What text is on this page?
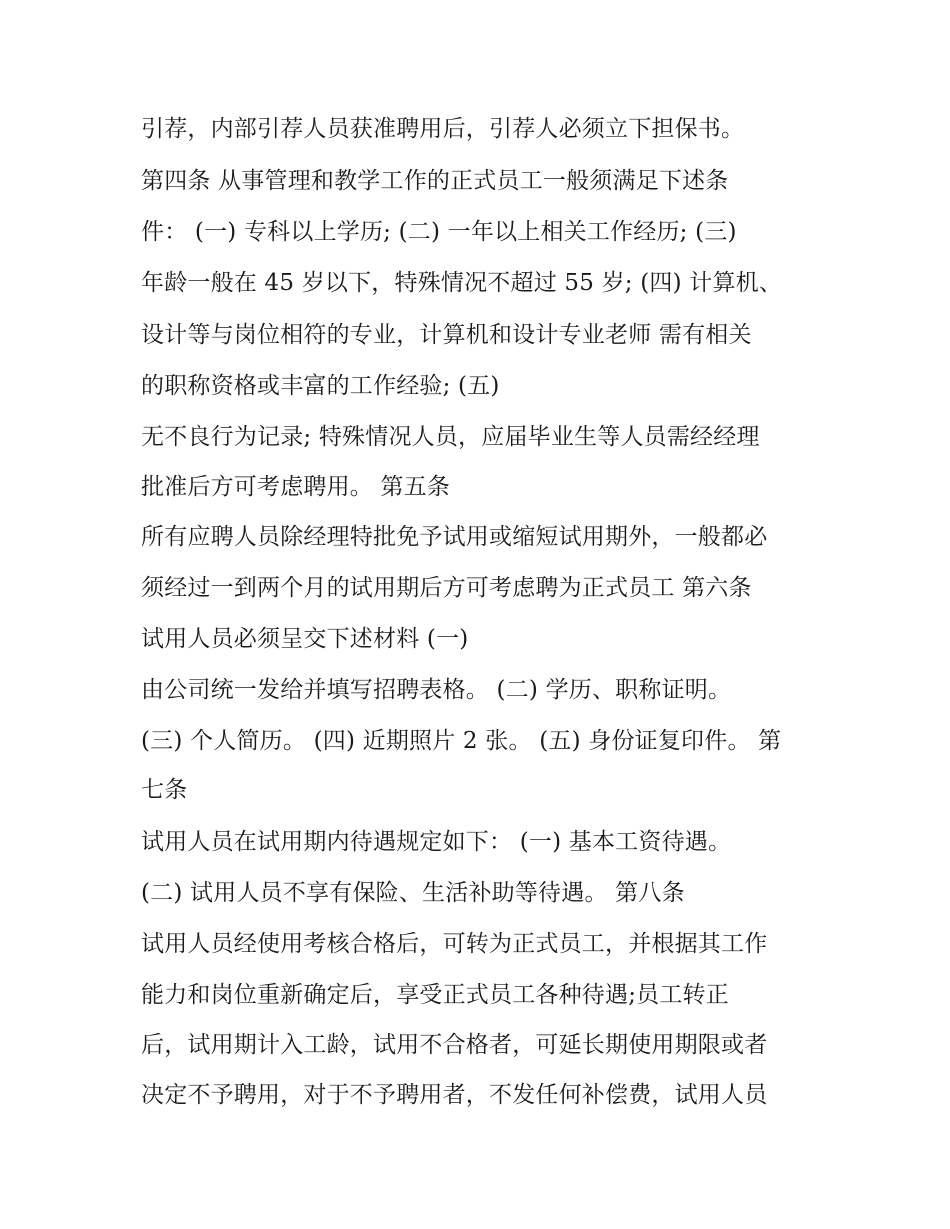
引荐，内部引荐人员获准聘用后，引荐人必须立下担保书。

第四条 从事管理和教学工作的正式员工一般须满足下述条

件： (一) 专科以上学历; (二) 一年以上相关工作经历; (三)

年龄一般在 45 岁以下，特殊情况不超过 55 岁; (四) 计算机、

设计等与岗位相符的专业，计算机和设计专业老师 需有相关

的职称资格或丰富的工作经验; (五)

无不良行为记录; 特殊情况人员，应届毕业生等人员需经经理

批准后方可考虑聘用。 第五条

所有应聘人员除经理特批免予试用或缩短试用期外，一般都必

须经过一到两个月的试用期后方可考虑聘为正式员工 第六条

试用人员必须呈交下述材料 (一)

由公司统一发给并填写招聘表格。 (二) 学历、职称证明。

(三) 个人简历。 (四) 近期照片 2 张。 (五) 身份证复印件。 第

七条

试用人员在试用期内待遇规定如下： (一) 基本工资待遇。

(二) 试用人员不享有保险、生活补助等待遇。 第八条

试用人员经使用考核合格后，可转为正式员工，并根据其工作

能力和岗位重新确定后，享受正式员工各种待遇;员工转正

后，试用期计入工龄，试用不合格者，可延长期使用期限或者

决定不予聘用，对于不予聘用者，不发任何补偿费，试用人员
